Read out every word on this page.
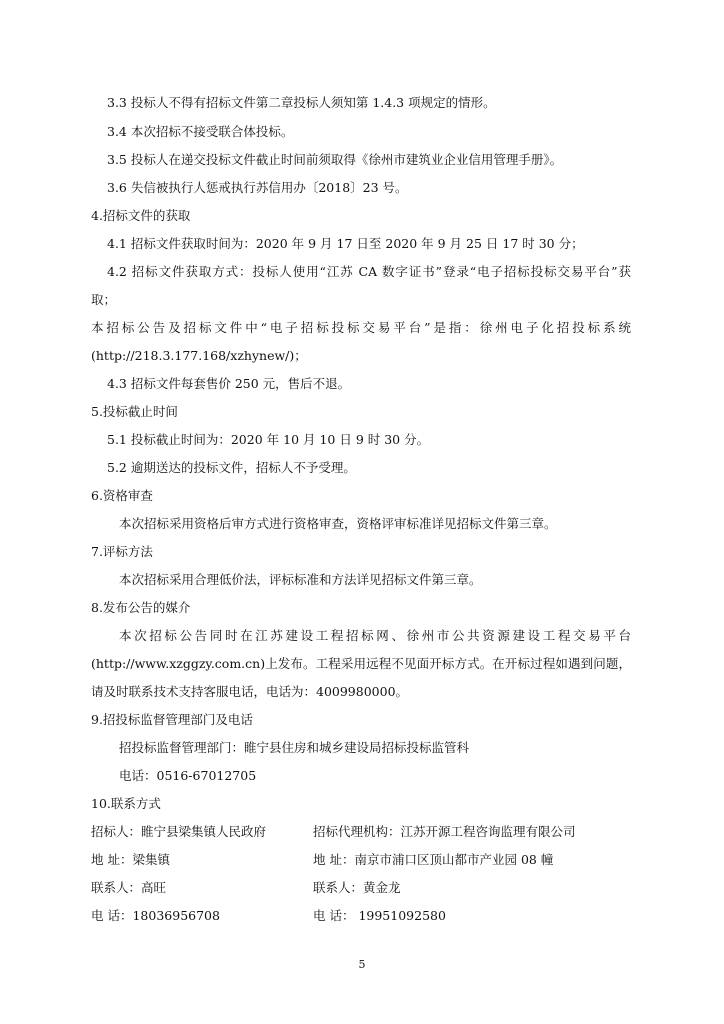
3.3 投标人不得有招标文件第二章投标人须知第 1.4.3 项规定的情形。
3.4 本次招标不接受联合体投标。
3.5 投标人在递交投标文件截止时间前须取得《徐州市建筑业企业信用管理手册》。
3.6 失信被执行人惩戒执行苏信用办〔2018〕23 号。
4.招标文件的获取
4.1 招标文件获取时间为：2020 年 9 月 17 日至 2020 年 9 月 25 日 17 时 30 分；
4.2 招标文件获取方式：投标人使用“江苏 CA 数字证书”登录“电子招标投标交易平台”获
取；
本招标公告及招标文件中“电子招标投标交易平台”是指：徐州电子化招投标系统
(http://218.3.177.168/xzhynew/)；
4.3 招标文件每套售价 250 元，售后不退。
5.投标截止时间
5.1 投标截止时间为：2020 年 10 月 10 日 9 时 30 分。
5.2 逾期送达的投标文件，招标人不予受理。
6.资格审查
本次招标采用资格后审方式进行资格审查，资格评审标准详见招标文件第三章。
7.评标方法
本次招标采用合理低价法，评标标准和方法详见招标文件第三章。
8.发布公告的媒介
本次招标公告同时在江苏建设工程招标网、徐州市公共资源建设工程交易平台
(http://www.xzggzy.com.cn)上发布。工程采用远程不见面开标方式。在开标过程如遇到问题，
请及时联系技术支持客服电话，电话为：4009980000。
9.招投标监督管理部门及电话
招投标监督管理部门：睢宁县住房和城乡建设局招标投标监管科
电话：0516-67012705
10.联系方式
招标人：睢宁县梁集镇人民政府
地 址：梁集镇
联系人：高旺
电 话：18036956708
招标代理机构：江苏开源工程咨询监理有限公司
地 址：南京市浦口区顶山都市产业园 08 幢
联系人：黄金龙
电 话： 19951092580
5
